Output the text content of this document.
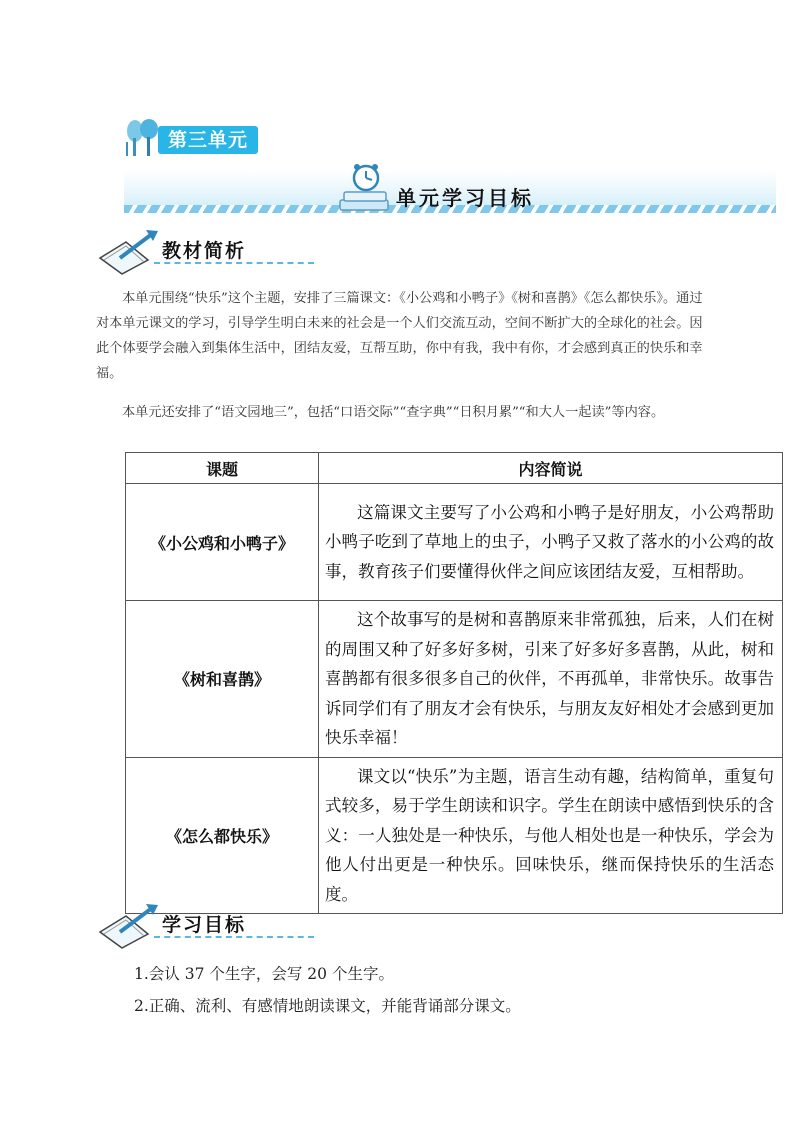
第三单元
单元学习目标
教材简析

本单元围绕“快乐”这个主题，安排了三篇课文：《小公鸡和小鸭子》《树和喜鹊》《怎么都快乐》。通过对本单元课文的学习，引导学生明白未来的社会是一个人们交流互动，空间不断扩大的全球化的社会。因此个体要学会融入到集体生活中，团结友爱，互帮互助，你中有我，我中有你，才会感到真正的快乐和幸福。

本单元还安排了“语文园地三”，包括“口语交际”“查字典”“日积月累”“和大人一起读”等内容。

课题	内容简说
《小公鸡和小鸭子》	这篇课文主要写了小公鸡和小鸭子是好朋友，小公鸡帮助小鸭子吃到了草地上的虫子，小鸭子又救了落水的小公鸡的故事，教育孩子们要懂得伙伴之间应该团结友爱，互相帮助。
《树和喜鹊》	这个故事写的是树和喜鹊原来非常孤独，后来，人们在树的周围又种了好多好多树，引来了好多好多喜鹊，从此，树和喜鹊都有很多很多自己的伙伴，不再孤单，非常快乐。故事告诉同学们有了朋友才会有快乐，与朋友友好相处才会感到更加快乐幸福！
《怎么都快乐》	课文以“快乐”为主题，语言生动有趣，结构简单，重复句式较多，易于学生朗读和识字。学生在朗读中感悟到快乐的含义：一人独处是一种快乐，与他人相处也是一种快乐，学会为他人付出更是一种快乐。回味快乐，继而保持快乐的生活态度。
学习目标
1.会认 37 个生字，会写 20 个生字。
2.正确、流利、有感情地朗读课文，并能背诵部分课文。
